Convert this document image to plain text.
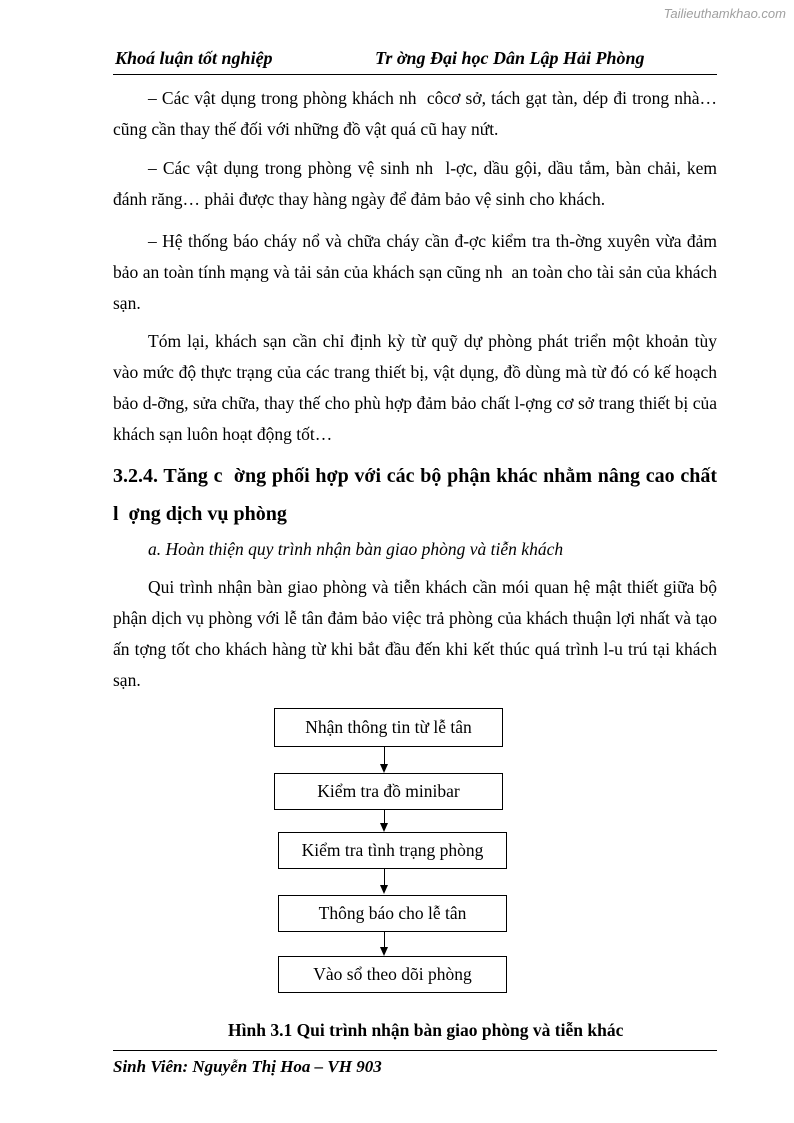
Tailieuthamkhao.com
Khoá luận tốt nghiệp	Tr ờng Đại học Dân Lập Hải Phòng

– Các vật dụng trong phòng khách nh  côcơ sở, tách gạt tàn, dép đi trong nhà… cũng cần thay thế đối với những đồ vật quá cũ hay nứt.

– Các vật dụng trong phòng vệ sinh nh  l-ợc, dầu gội, dầu tắm, bàn chải, kem đánh răng… phải được thay hàng ngày để đảm bảo vệ sinh cho khách.

– Hệ thống báo cháy nổ và chữa cháy cần đ-ợc kiểm tra th-ờng xuyên vừa đảm bảo an toàn tính mạng và tải sản của khách sạn cũng nh  an toàn cho tài sản của khách sạn.

Tóm lại, khách sạn cần chỉ định kỳ từ quỹ dự phòng phát triển một khoản tùy vào mức độ thực trạng của các trang thiết bị, vật dụng, đồ dùng mà từ đó có kế hoạch bảo d-ỡng, sửa chữa, thay thế cho phù hợp đảm bảo chất l-ợng cơ sở trang thiết bị của khách sạn luôn hoạt động tốt…

3.2.4. Tăng c  ờng phối hợp với các bộ phận khác nhằm nâng cao chất l  ợng dịch vụ phòng

a. Hoàn thiện quy trình nhận bàn giao phòng và tiễn khách

Qui trình nhận bàn giao phòng và tiễn khách cần mói quan hệ mật thiết giữa bộ phận dịch vụ phòng với lễ tân đảm bảo việc trả phòng của khách thuận lợi nhất và tạo ấn tợng tốt cho khách hàng từ khi bắt đầu đến khi kết thúc quá trình l-u trú tại khách sạn.

Nhận thông tin từ lễ tân
Kiểm tra đồ minibar
Kiểm tra tình trạng phòng
Thông báo cho lễ tân
Vào sổ theo dõi phòng
Hình 3.1 Qui trình nhận bàn giao phòng và tiễn khác
Sinh Viên: Nguyễn Thị Hoa – VH 903
